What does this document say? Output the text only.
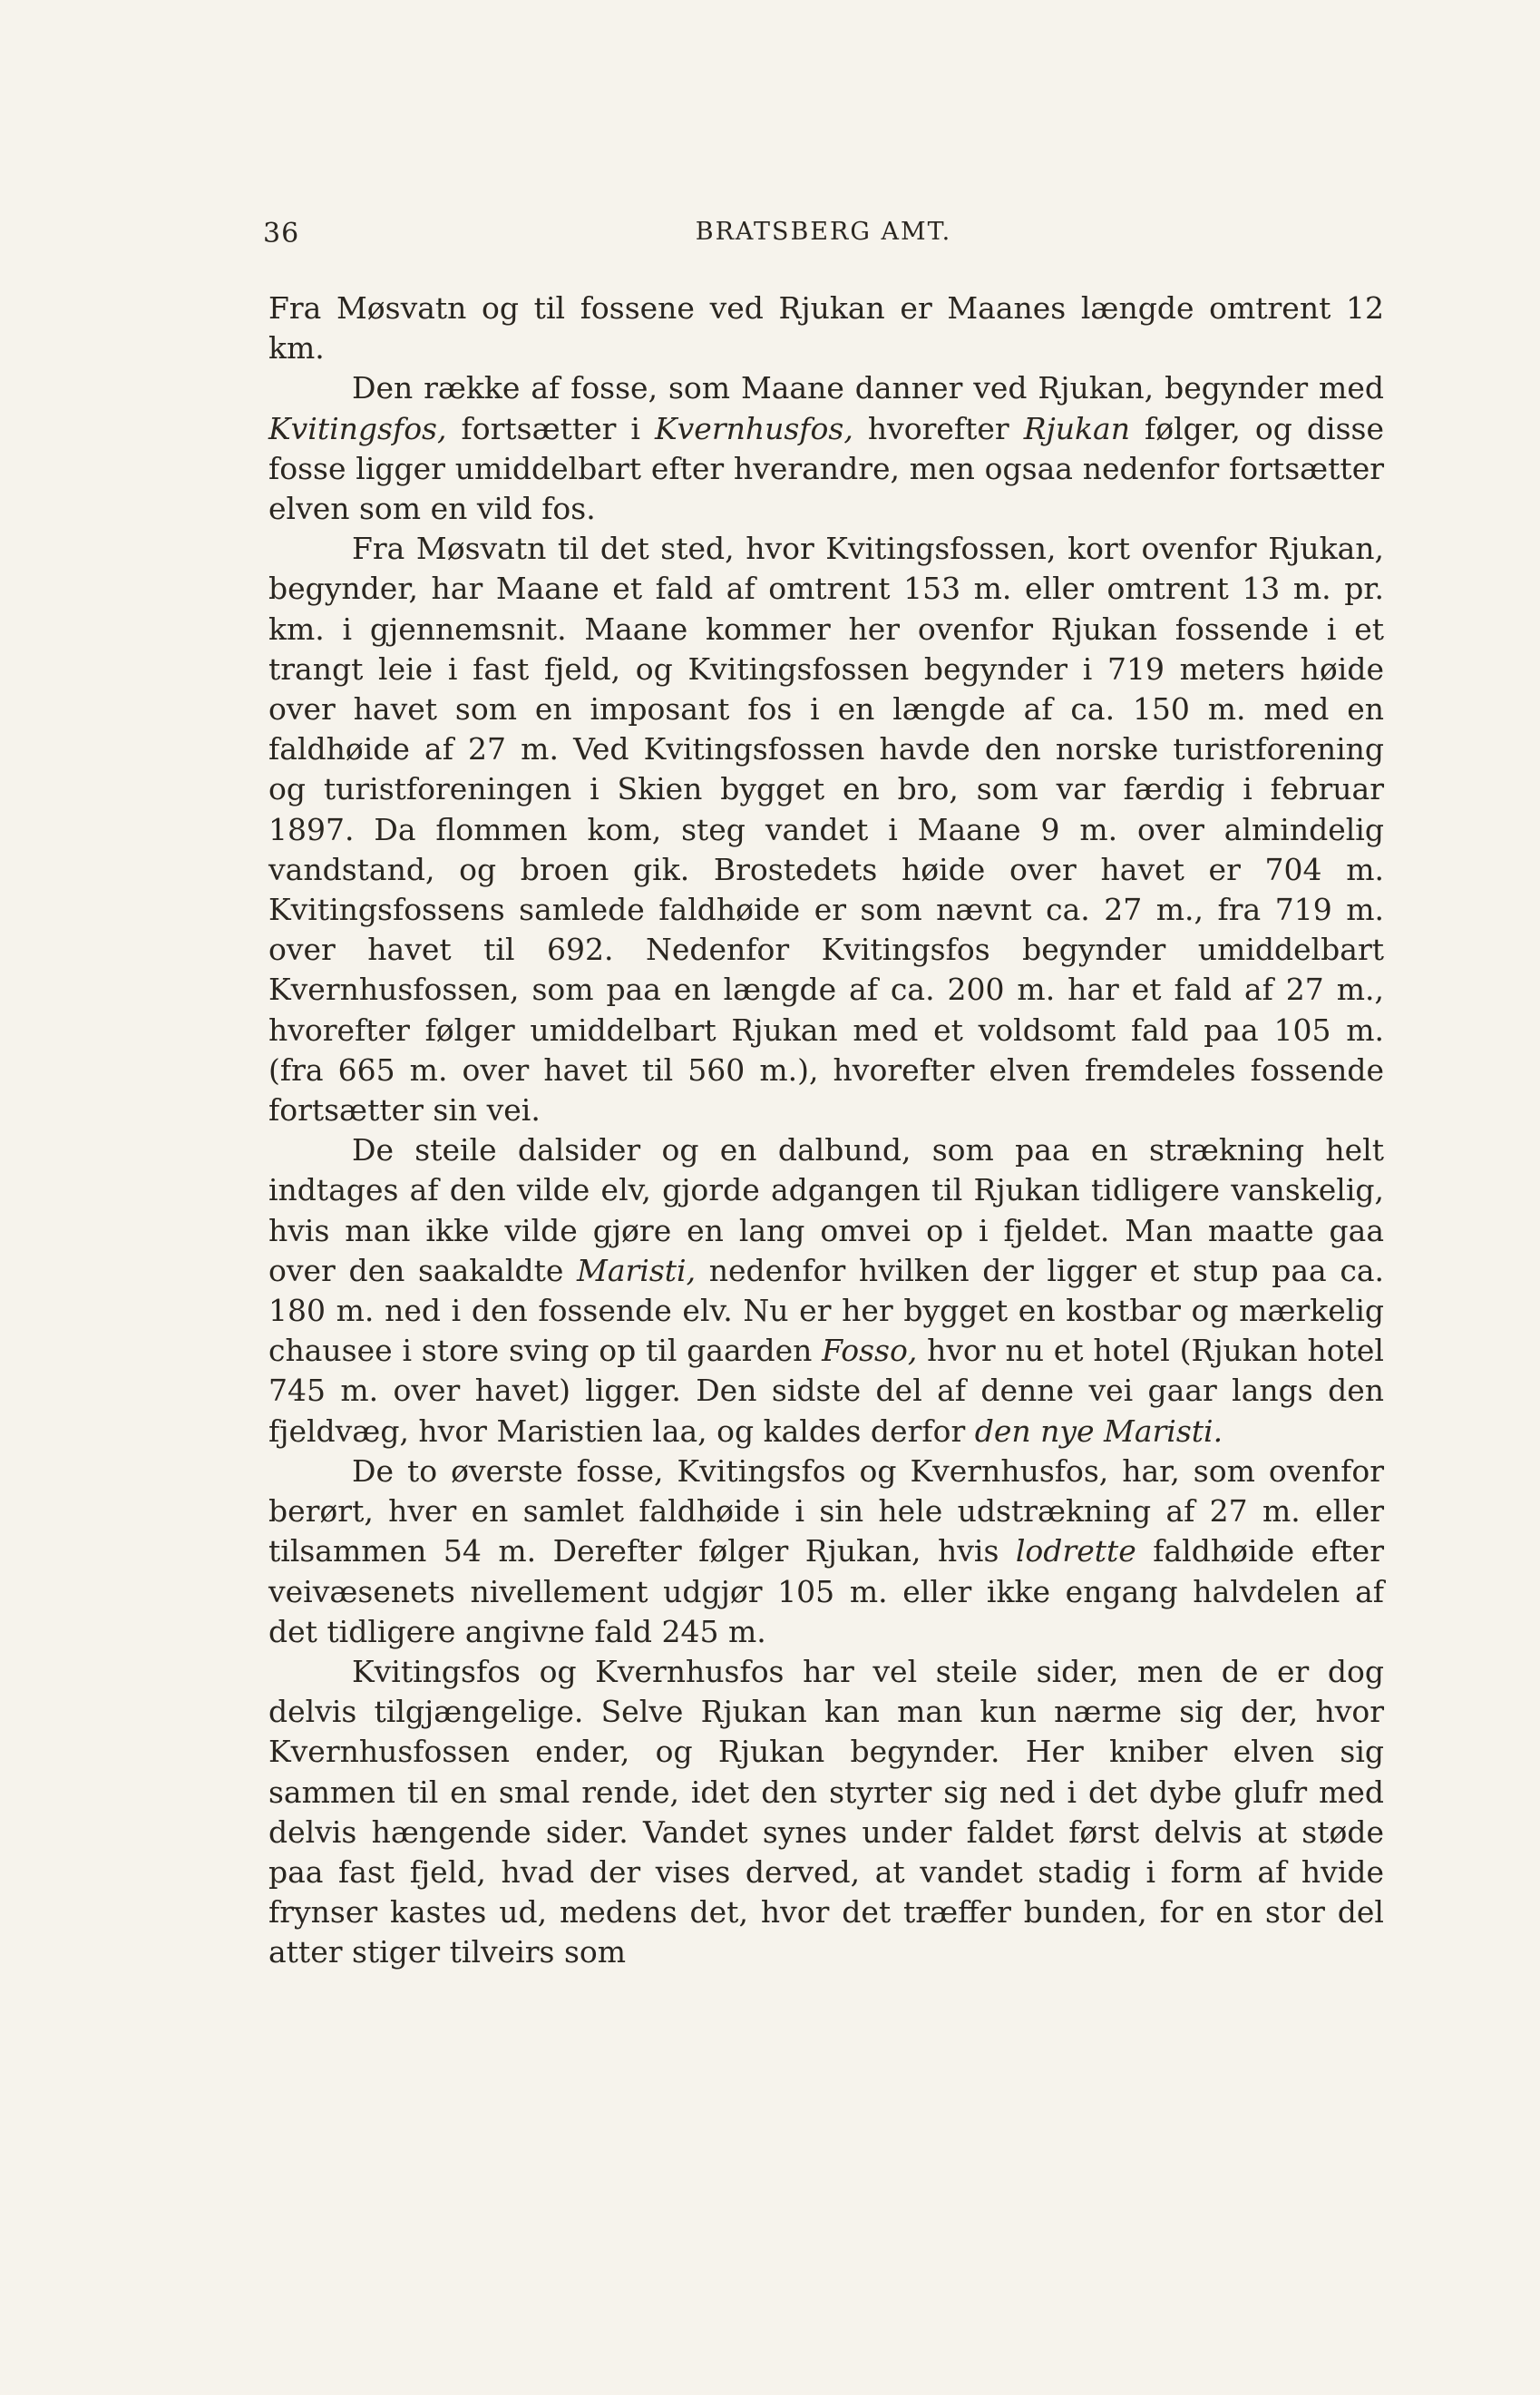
36	BRATSBERG AMT.

Fra Møsvatn og til fossene ved Rjukan er Maanes længde omtrent 12 km.

Den række af fosse, som Maane danner ved Rjukan, begynder med Kvitingsfos, fortsætter i Kvernhusfos, hvorefter Rjukan følger, og disse fosse ligger umiddelbart efter hverandre, men ogsaa nedenfor fortsætter elven som en vild fos.

Fra Møsvatn til det sted, hvor Kvitingsfossen, kort ovenfor Rjukan, begynder, har Maane et fald af omtrent 153 m. eller omtrent 13 m. pr. km. i gjennemsnit. Maane kommer her ovenfor Rjukan fossende i et trangt leie i fast fjeld, og Kvitingsfossen begynder i 719 meters høide over havet som en imposant fos i en længde af ca. 150 m. med en faldhøide af 27 m. Ved Kvitingsfossen havde den norske turistforening og turistforeningen i Skien bygget en bro, som var færdig i februar 1897. Da flommen kom, steg vandet i Maane 9 m. over almindelig vandstand, og broen gik. Brostedets høide over havet er 704 m. Kvitingsfossens samlede faldhøide er som nævnt ca. 27 m., fra 719 m. over havet til 692. Nedenfor Kvitingsfos begynder umiddelbart Kvernhusfossen, som paa en længde af ca. 200 m. har et fald af 27 m., hvorefter følger umiddelbart Rjukan med et voldsomt fald paa 105 m. (fra 665 m. over havet til 560 m.), hvorefter elven fremdeles fossende fortsætter sin vei.

De steile dalsider og en dalbund, som paa en strækning helt indtages af den vilde elv, gjorde adgangen til Rjukan tidligere vanskelig, hvis man ikke vilde gjøre en lang omvei op i fjeldet. Man maatte gaa over den saakaldte Maristi, nedenfor hvilken der ligger et stup paa ca. 180 m. ned i den fossende elv. Nu er her bygget en kostbar og mærkelig chausee i store sving op til gaarden Fosso, hvor nu et hotel (Rjukan hotel 745 m. over havet) ligger. Den sidste del af denne vei gaar langs den fjeldvæg, hvor Maristien laa, og kaldes derfor den nye Maristi.

De to øverste fosse, Kvitingsfos og Kvernhusfos, har, som ovenfor berørt, hver en samlet faldhøide i sin hele udstrækning af 27 m. eller tilsammen 54 m. Derefter følger Rjukan, hvis lodrette faldhøide efter veivæsenets nivellement udgjør 105 m. eller ikke engang halvdelen af det tidligere angivne fald 245 m.

Kvitingsfos og Kvernhusfos har vel steile sider, men de er dog delvis tilgjængelige. Selve Rjukan kan man kun nærme sig der, hvor Kvernhusfossen ender, og Rjukan begynder. Her kniber elven sig sammen til en smal rende, idet den styrter sig ned i det dybe glufr med delvis hængende sider. Vandet synes under faldet først delvis at støde paa fast fjeld, hvad der vises derved, at vandet stadig i form af hvide frynser kastes ud, medens det, hvor det træffer bunden, for en stor del atter stiger tilveirs som
